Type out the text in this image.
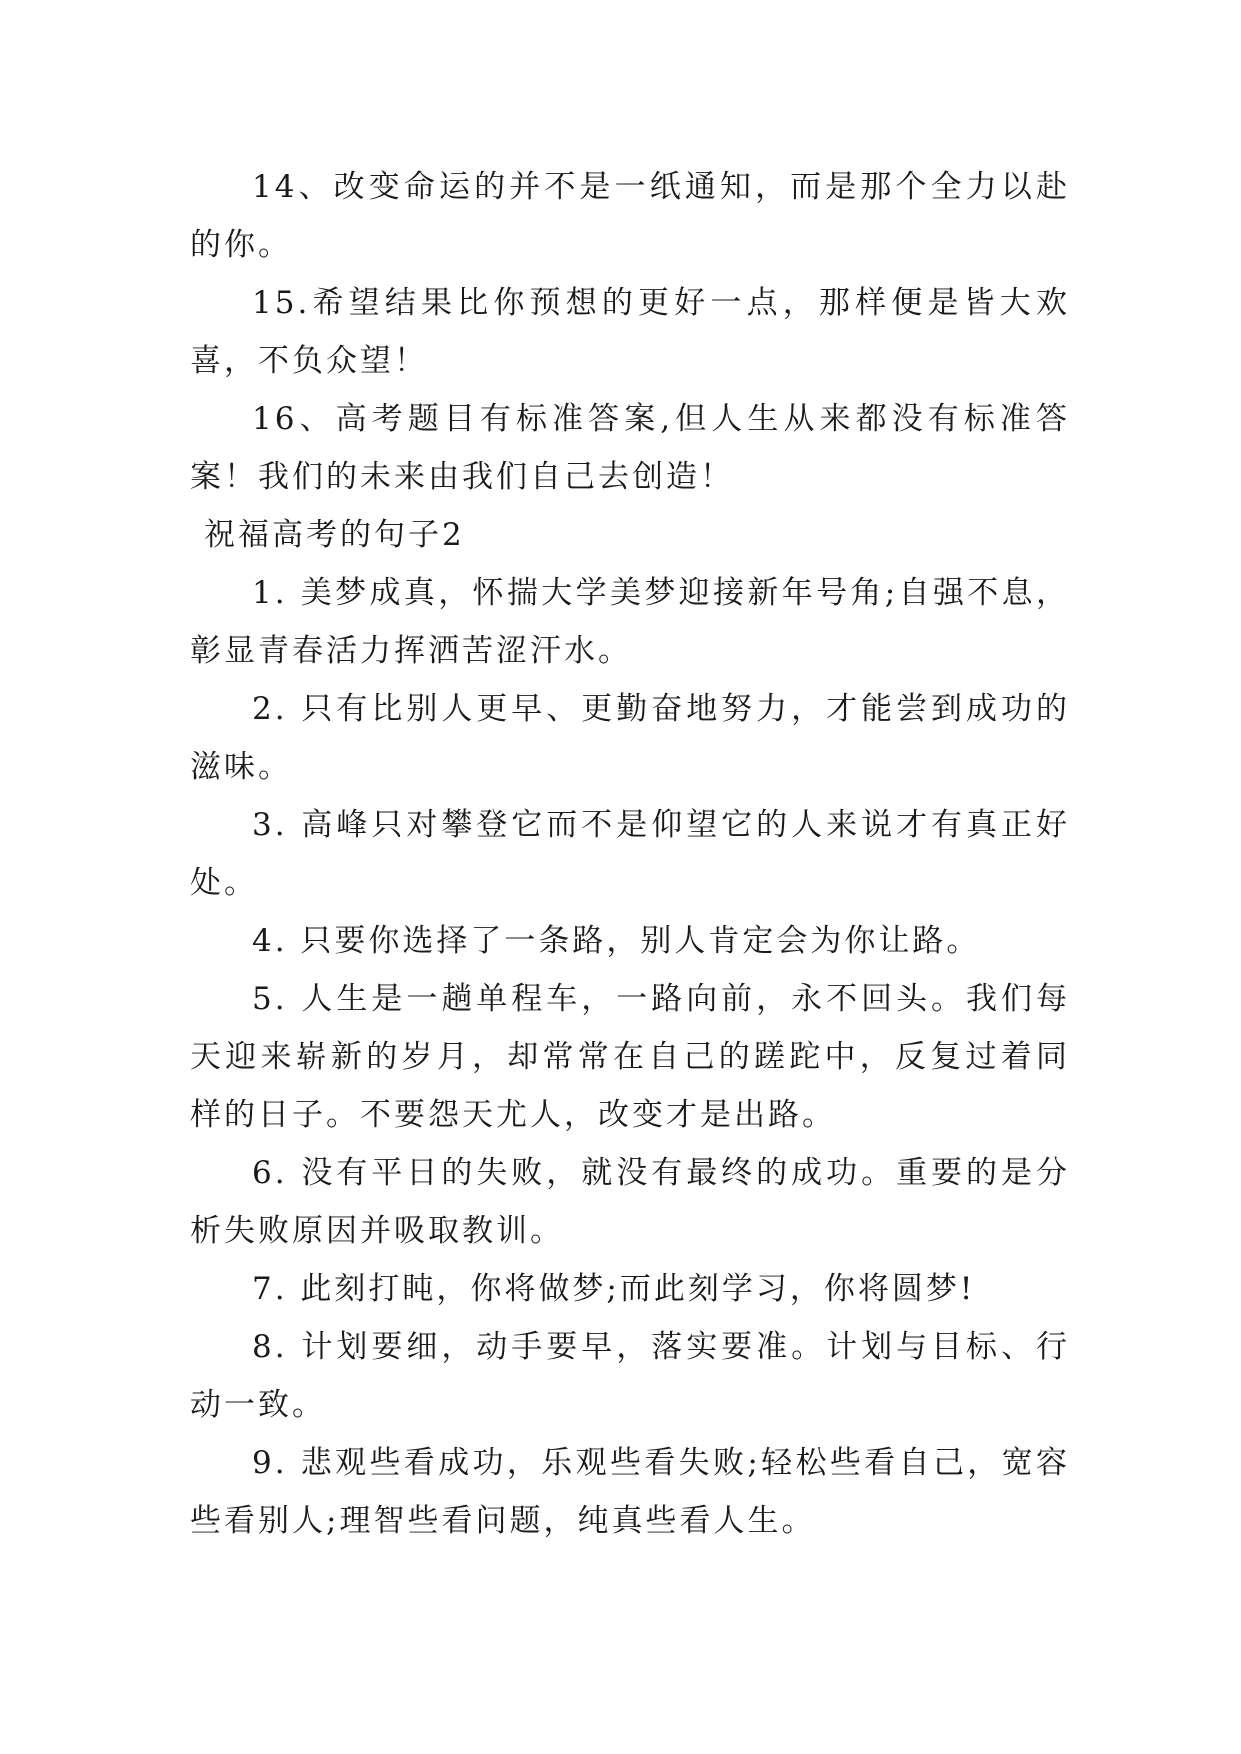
14、改变命运的并不是一纸通知，而是那个全力以赴的你。

15.希望结果比你预想的更好一点，那样便是皆大欢喜，不负众望！

16、高考题目有标准答案,但人生从来都没有标准答案！我们的未来由我们自己去创造！

祝福高考的句子2

1. 美梦成真，怀揣大学美梦迎接新年号角;自强不息，彰显青春活力挥洒苦涩汗水。

2. 只有比别人更早、更勤奋地努力，才能尝到成功的滋味。

3. 高峰只对攀登它而不是仰望它的人来说才有真正好处。

4. 只要你选择了一条路，别人肯定会为你让路。

5. 人生是一趟单程车，一路向前，永不回头。我们每天迎来崭新的岁月，却常常在自己的蹉跎中，反复过着同样的日子。不要怨天尤人，改变才是出路。

6. 没有平日的失败，就没有最终的成功。重要的是分析失败原因并吸取教训。

7. 此刻打盹，你将做梦;而此刻学习，你将圆梦!

8. 计划要细，动手要早，落实要准。计划与目标、行动一致。

9. 悲观些看成功，乐观些看失败;轻松些看自己，宽容些看别人;理智些看问题，纯真些看人生。
